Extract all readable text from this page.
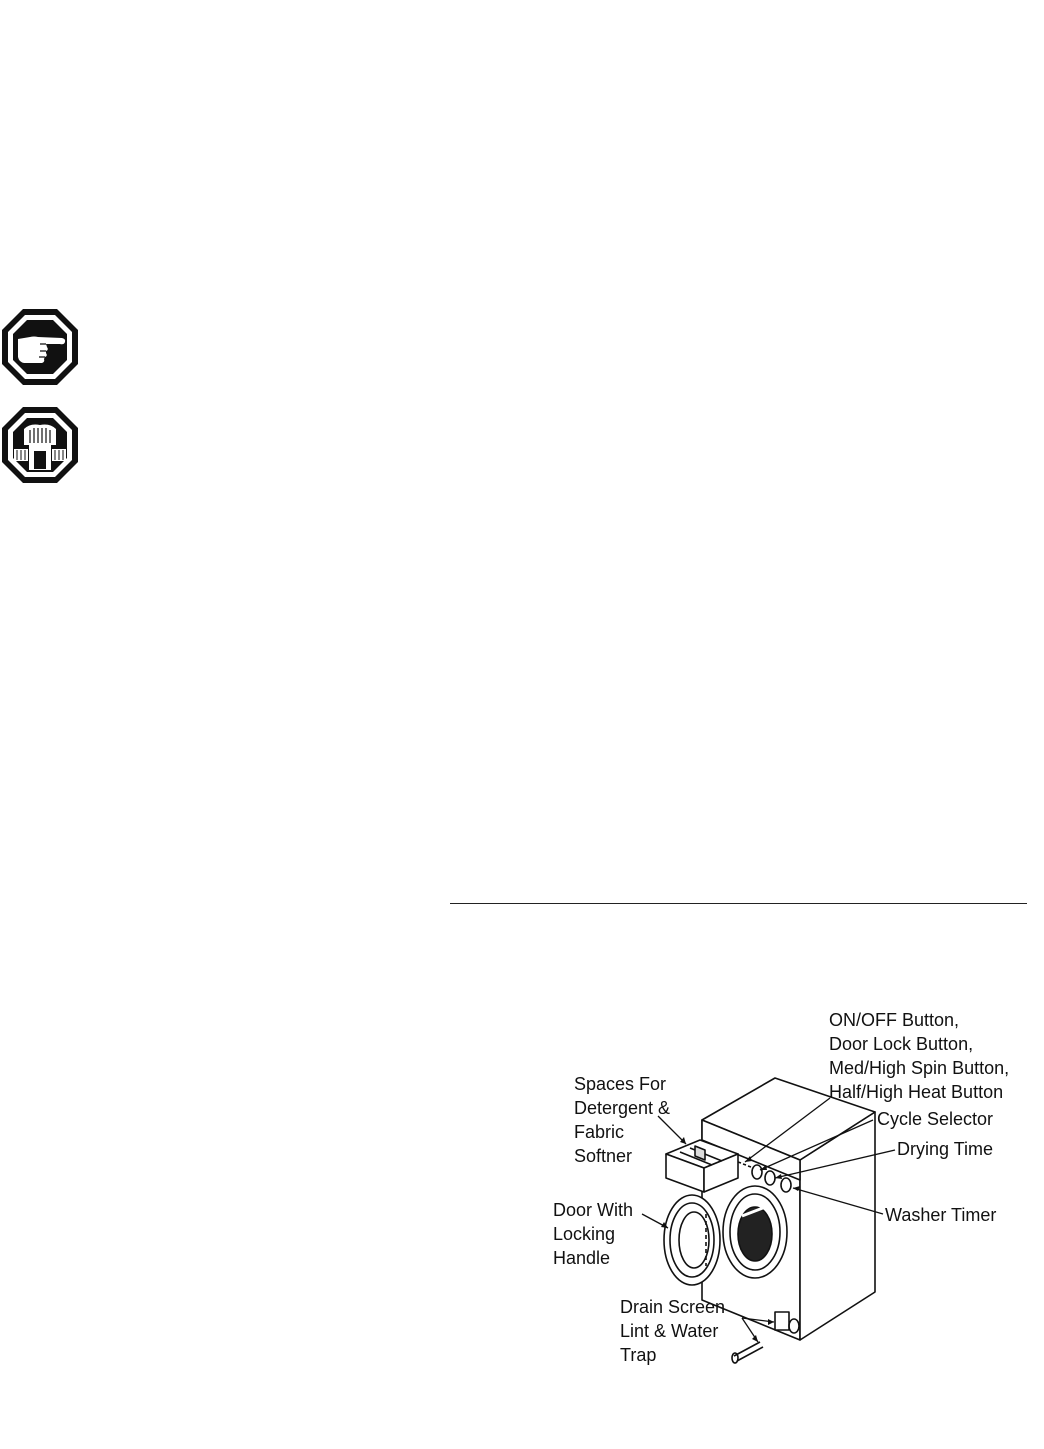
ON/OFF Button,
Door Lock Button,
Med/High Spin Button,
Half/High Heat Button
Spaces For
Detergent &
Fabric
Softner
Cycle Selector
Drying Time
Washer Timer
Door With
Locking
Handle
Drain Screen
Lint & Water
Trap
